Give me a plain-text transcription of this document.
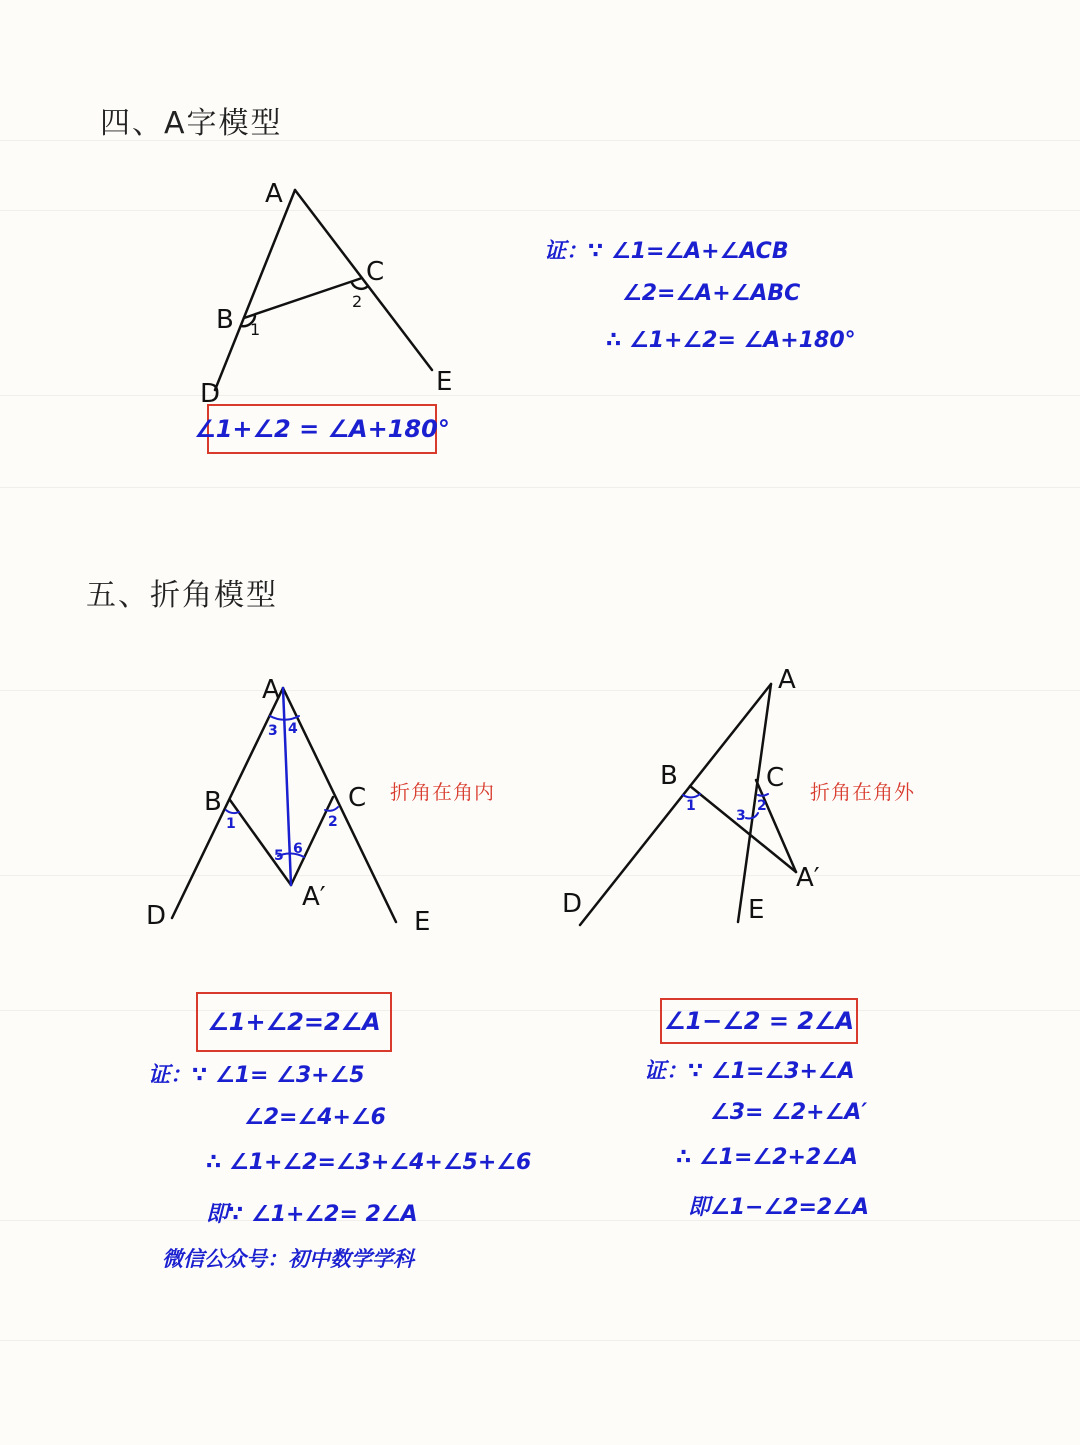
四、A字模型
五、折角模型
A
B
C
D	E
1
2
A
B	C
D	E
A′
3 4
5 6
1	2
A
B	C
D	E
A′
1
3
2
∠1+∠2 = ∠A+180°
证：∵ ∠1=∠A+∠ACB
∠2=∠A+∠ABC
∴ ∠1+∠2= ∠A+180°
折角在角内	折角在角外
∠1+∠2=2∠A
证：∵ ∠1= ∠3+∠5
∠2=∠4+∠6
∴ ∠1+∠2=∠3+∠4+∠5+∠6
即∵ ∠1+∠2= 2∠A
微信公众号：初中数学学科
∠1−∠2 = 2∠A
证：∵ ∠1=∠3+∠A
∠3= ∠2+∠A′
∴ ∠1=∠2+2∠A
即∠1−∠2=2∠A
